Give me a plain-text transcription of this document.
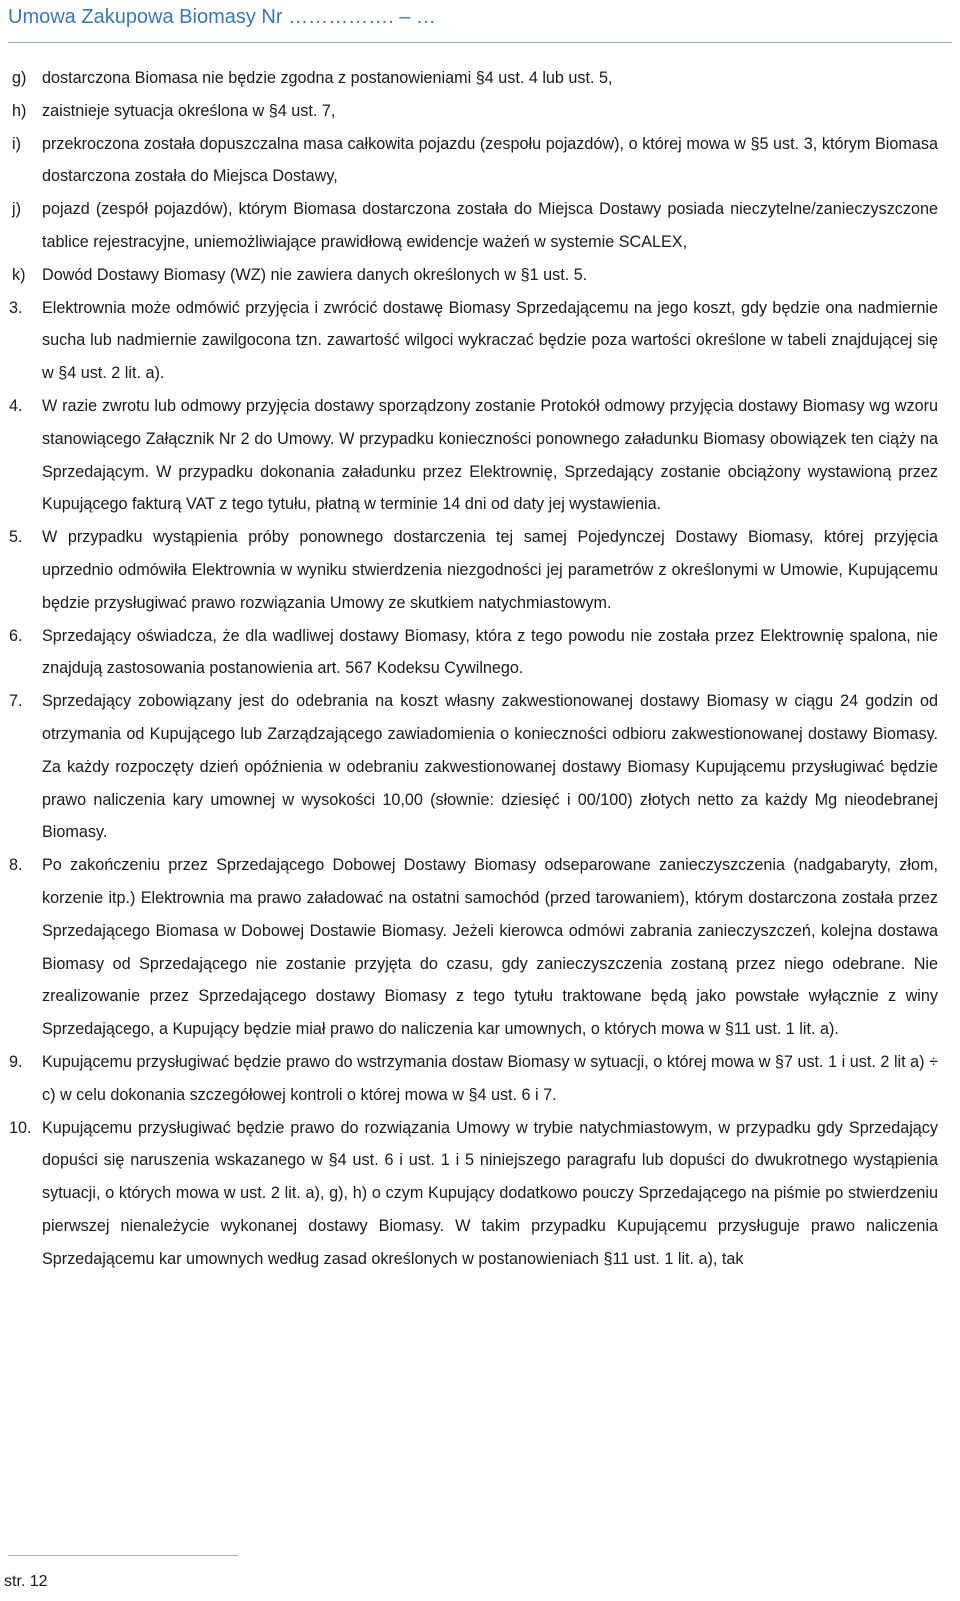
Umowa Zakupowa Biomasy Nr ……………. – …
g) dostarczona Biomasa nie będzie zgodna z postanowieniami §4 ust. 4 lub ust. 5,
h) zaistnieje sytuacja określona w §4 ust. 7,
i) przekroczona została dopuszczalna masa całkowita pojazdu (zespołu pojazdów), o której mowa w §5 ust. 3, którym Biomasa dostarczona została do Miejsca Dostawy,
j) pojazd (zespół pojazdów), którym Biomasa dostarczona została do Miejsca Dostawy posiada nieczytelne/zanieczyszczone tablice rejestracyjne, uniemożliwiające prawidłową ewidencje ważeń w systemie SCALEX,
k) Dowód Dostawy Biomasy (WZ) nie zawiera danych określonych w §1 ust. 5.
3. Elektrownia może odmówić przyjęcia i zwrócić dostawę Biomasy Sprzedającemu na jego koszt, gdy będzie ona nadmiernie sucha lub nadmiernie zawilgocona tzn. zawartość wilgoci wykraczać będzie poza wartości określone w tabeli znajdującej się w §4 ust. 2 lit. a).
4. W razie zwrotu lub odmowy przyjęcia dostawy sporządzony zostanie Protokół odmowy przyjęcia dostawy Biomasy wg wzoru stanowiącego Załącznik Nr 2 do Umowy. W przypadku konieczności ponownego załadunku Biomasy obowiązek ten ciąży na Sprzedającym. W przypadku dokonania załadunku przez Elektrownię, Sprzedający zostanie obciążony wystawioną przez Kupującego fakturą VAT z tego tytułu, płatną w terminie 14 dni od daty jej wystawienia.
5. W przypadku wystąpienia próby ponownego dostarczenia tej samej Pojedynczej Dostawy Biomasy, której przyjęcia uprzednio odmówiła Elektrownia w wyniku stwierdzenia niezgodności jej parametrów z określonymi w Umowie, Kupującemu będzie przysługiwać prawo rozwiązania Umowy ze skutkiem natychmiastowym.
6. Sprzedający oświadcza, że dla wadliwej dostawy Biomasy, która z tego powodu nie została przez Elektrownię spalona, nie znajdują zastosowania postanowienia art. 567 Kodeksu Cywilnego.
7. Sprzedający zobowiązany jest do odebrania na koszt własny zakwestionowanej dostawy Biomasy w ciągu 24 godzin od otrzymania od Kupującego lub Zarządzającego zawiadomienia o konieczności odbioru zakwestionowanej dostawy Biomasy. Za każdy rozpoczęty dzień opóźnienia w odebraniu zakwestionowanej dostawy Biomasy Kupującemu przysługiwać będzie prawo naliczenia kary umownej w wysokości 10,00 (słownie: dziesięć i 00/100) złotych netto za każdy Mg nieodebranej Biomasy.
8. Po zakończeniu przez Sprzedającego Dobowej Dostawy Biomasy odseparowane zanieczyszczenia (nadgabaryty, złom, korzenie itp.) Elektrownia ma prawo załadować na ostatni samochód (przed tarowaniem), którym dostarczona została przez Sprzedającego Biomasa w Dobowej Dostawie Biomasy. Jeżeli kierowca odmówi zabrania zanieczyszczeń, kolejna dostawa Biomasy od Sprzedającego nie zostanie przyjęta do czasu, gdy zanieczyszczenia zostaną przez niego odebrane. Nie zrealizowanie przez Sprzedającego dostawy Biomasy z tego tytułu traktowane będą jako powstałe wyłącznie z winy Sprzedającego, a Kupujący będzie miał prawo do naliczenia kar umownych, o których mowa w §11 ust. 1 lit. a).
9. Kupującemu przysługiwać będzie prawo do wstrzymania dostaw Biomasy w sytuacji, o której mowa w §7 ust. 1 i ust. 2 lit a) ÷ c) w celu dokonania szczegółowej kontroli o której mowa w §4 ust. 6 i 7.
10. Kupującemu przysługiwać będzie prawo do rozwiązania Umowy w trybie natychmiastowym, w przypadku gdy Sprzedający dopuści się naruszenia wskazanego w §4 ust. 6 i ust. 1 i 5 niniejszego paragrafu lub dopuści do dwukrotnego wystąpienia sytuacji, o których mowa w ust. 2 lit. a), g), h) o czym Kupujący dodatkowo pouczy Sprzedającego na piśmie po stwierdzeniu pierwszej nienależycie wykonanej dostawy Biomasy. W takim przypadku Kupującemu przysługuje prawo naliczenia Sprzedającemu kar umownych według zasad określonych w postanowieniach §11 ust. 1 lit. a), tak
str. 12
